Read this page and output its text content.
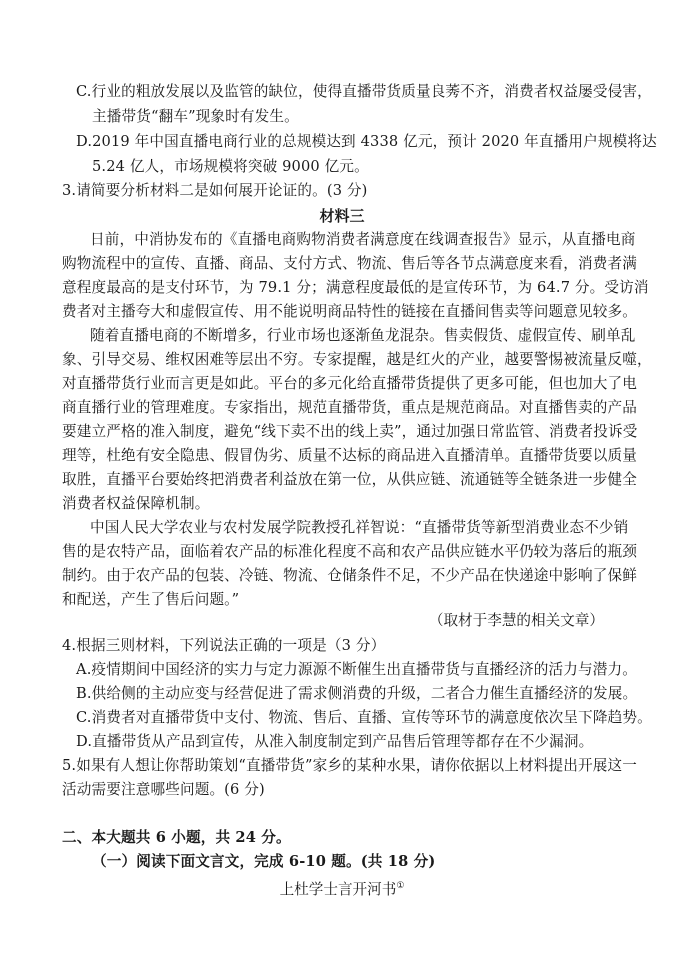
C.行业的粗放发展以及监管的缺位，使得直播带货质量良莠不齐，消费者权益屡受侵害，
主播带货“翻车”现象时有发生。
D.2019 年中国直播电商行业的总规模达到 4338 亿元，预计 2020 年直播用户规模将达
5.24 亿人，市场规模将突破 9000 亿元。
3.请简要分析材料二是如何展开论证的。(3 分)
材料三
日前，中消协发布的《直播电商购物消费者满意度在线调查报告》显示，从直播电商
购物流程中的宣传、直播、商品、支付方式、物流、售后等各节点满意度来看，消费者满
意程度最高的是支付环节，为 79.1 分；满意程度最低的是宣传环节，为 64.7 分。受访消
费者对主播夸大和虚假宣传、用不能说明商品特性的链接在直播间售卖等问题意见较多。
随着直播电商的不断增多，行业市场也逐渐鱼龙混杂。售卖假货、虚假宣传、刷单乱
象、引导交易、维权困难等层出不穷。专家提醒，越是红火的产业，越要警惕被流量反噬，
对直播带货行业而言更是如此。平台的多元化给直播带货提供了更多可能，但也加大了电
商直播行业的管理难度。专家指出，规范直播带货，重点是规范商品。对直播售卖的产品
要建立严格的准入制度，避免“线下卖不出的线上卖”，通过加强日常监管、消费者投诉受
理等，杜绝有安全隐患、假冒伪劣、质量不达标的商品进入直播清单。直播带货要以质量
取胜，直播平台要始终把消费者利益放在第一位，从供应链、流通链等全链条进一步健全
消费者权益保障机制。
中国人民大学农业与农村发展学院教授孔祥智说：“直播带货等新型消费业态不少销
售的是农特产品，面临着农产品的标准化程度不高和农产品供应链水平仍较为落后的瓶颈
制约。由于农产品的包装、冷链、物流、仓储条件不足，不少产品在快递途中影响了保鲜
和配送，产生了售后问题。”
（取材于李慧的相关文章）
4.根据三则材料，下列说法正确的一项是（3 分）
A.疫情期间中国经济的实力与定力源源不断催生出直播带货与直播经济的活力与潜力。
B.供给侧的主动应变与经营促进了需求侧消费的升级，二者合力催生直播经济的发展。
C.消费者对直播带货中支付、物流、售后、直播、宣传等环节的满意度依次呈下降趋势。
D.直播带货从产品到宣传，从准入制度制定到产品售后管理等都存在不少漏洞。
5.如果有人想让你帮助策划“直播带货”家乡的某种水果，请你依据以上材料提出开展这一
活动需要注意哪些问题。(6 分)
二、本大题共 6 小题，共 24 分。
（一）阅读下面文言文，完成 6-10 题。(共 18 分)
上杜学士言开河书①
